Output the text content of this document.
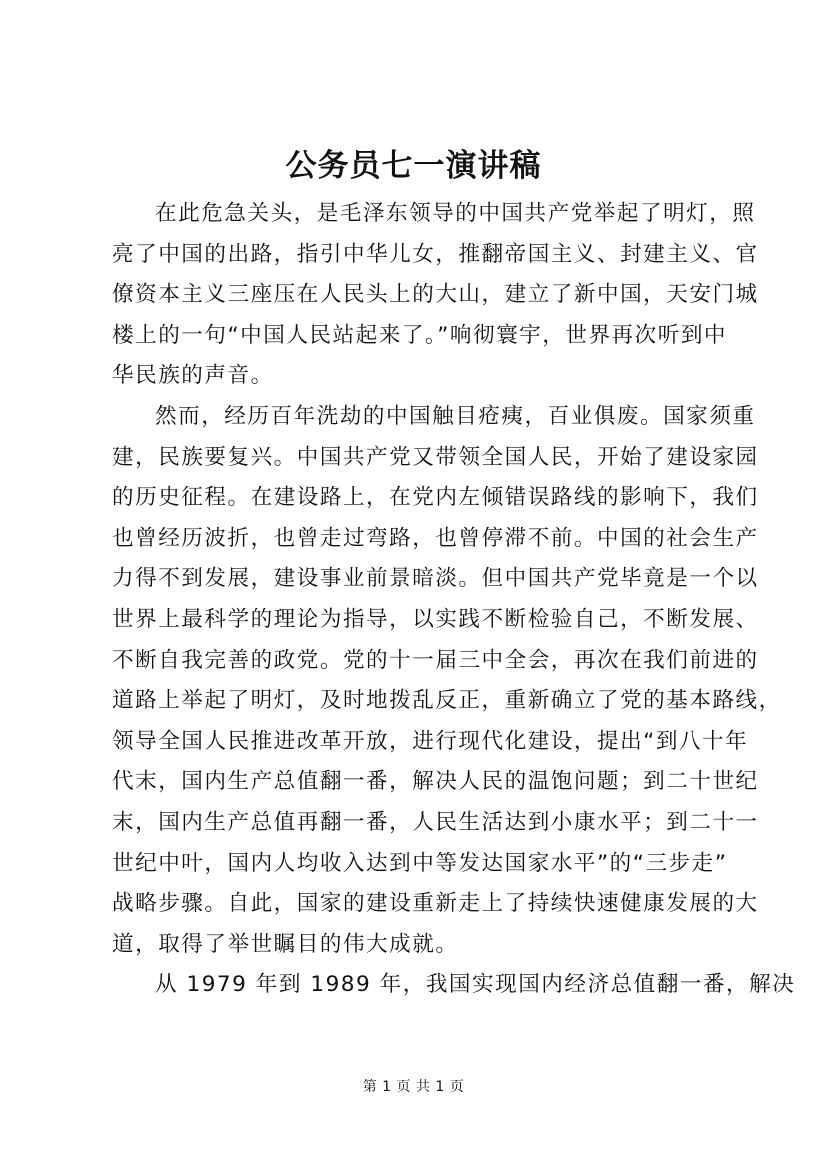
公务员七一演讲稿
在此危急关头，是毛泽东领导的中国共产党举起了明灯，照
亮了中国的出路，指引中华儿女，推翻帝国主义、封建主义、官
僚资本主义三座压在人民头上的大山，建立了新中国，天安门城
楼上的一句“中国人民站起来了。”响彻寰宇，世界再次听到中
华民族的声音。
然而，经历百年洗劫的中国触目疮痍，百业俱废。国家须重
建，民族要复兴。中国共产党又带领全国人民，开始了建设家园
的历史征程。在建设路上，在党内左倾错误路线的影响下，我们
也曾经历波折，也曾走过弯路，也曾停滞不前。中国的社会生产
力得不到发展，建设事业前景暗淡。但中国共产党毕竟是一个以
世界上最科学的理论为指导，以实践不断检验自己，不断发展、
不断自我完善的政党。党的十一届三中全会，再次在我们前进的
道路上举起了明灯，及时地拨乱反正，重新确立了党的基本路线，
领导全国人民推进改革开放，进行现代化建设，提出“到八十年
代末，国内生产总值翻一番，解决人民的温饱问题；到二十世纪
末，国内生产总值再翻一番，人民生活达到小康水平；到二十一
世纪中叶，国内人均收入达到中等发达国家水平”的“三步走”
战略步骤。自此，国家的建设重新走上了持续快速健康发展的大
道，取得了举世瞩目的伟大成就。
从 1979 年到 1989 年，我国实现国内经济总值翻一番，解决
第 1 页 共 1 页
